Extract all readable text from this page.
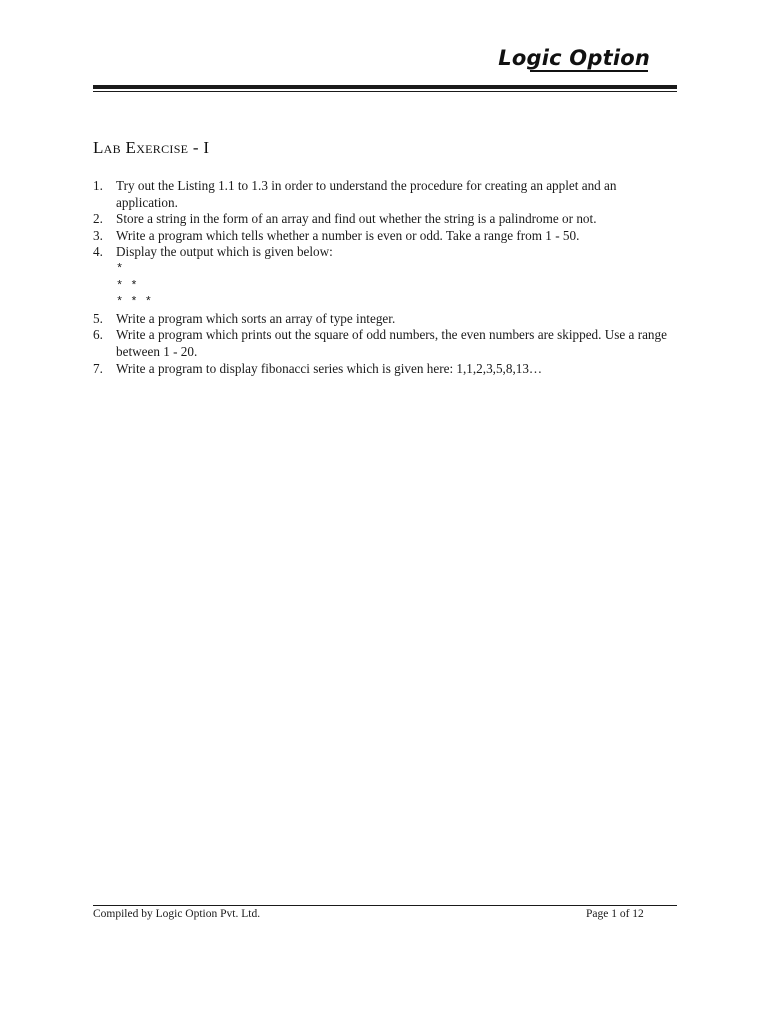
Logic Option
Lab Exercise - I
1. Try out the Listing 1.1 to 1.3 in order to understand the procedure for creating an applet and an application.
2. Store a string in the form of an array and find out whether the string is a palindrome or not.
3. Write a program which tells whether a number is even or odd. Take a range from 1 - 50.
4. Display the output which is given below:
*
* *
* * *
5. Write a program which sorts an array of type integer.
6. Write a program which prints out the square of odd numbers, the even numbers are skipped. Use a range between 1 - 20.
7. Write a program to display fibonacci series which is given here: 1,1,2,3,5,8,13…
Compiled by Logic Option Pvt. Ltd.	Page 1 of 12
